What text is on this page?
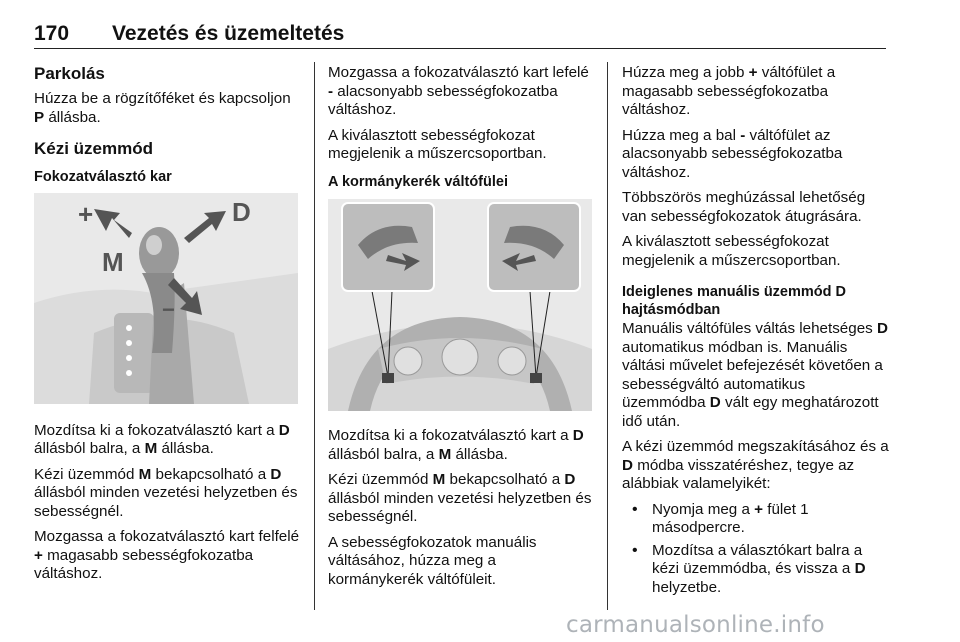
170 Vezetés és üzemeltetés
Parkolás

Húzza be a rögzítőféket és kapcsoljon P állásba.

Kézi üzemmód
Fokozatválasztó kar
+
−
M
D

Mozdítsa ki a fokozatválasztó kart a D állásból balra, a M állásba.

Kézi üzemmód M bekapcsolható a D állásból minden vezetési helyzetben és sebességnél.

Mozgassa a fokozatválasztó kart felfelé + magasabb sebességfokozatba váltáshoz.

Mozgassa a fokozatválasztó kart lefelé - alacsonyabb sebességfokozatba váltáshoz.

A kiválasztott sebességfokozat megjelenik a műszercsoportban.

A kormánykerék váltófülei

Mozdítsa ki a fokozatválasztó kart a D állásból balra, a M állásba.

Kézi üzemmód M bekapcsolható a D állásból minden vezetési helyzetben és sebességnél.

A sebességfokozatok manuális váltásához, húzza meg a kormánykerék váltófüleit.

Húzza meg a jobb + váltófület a magasabb sebességfokozatba váltáshoz.

Húzza meg a bal - váltófület az alacsonyabb sebességfokozatba váltáshoz.

Többszörös meghúzással lehetőség van sebességfokozatok átugrására.

A kiválasztott sebességfokozat megjelenik a műszercsoportban.

Ideiglenes manuális üzemmód D hajtásmódban

Manuális váltófüles váltás lehetséges D automatikus módban is. Manuális váltási művelet befejezését követően a sebességváltó automatikus üzemmódba D vált egy meghatározott idő után.

A kézi üzemmód megszakításához és a D módba visszatéréshez, tegye az alábbiak valamelyikét:

• Nyomja meg a + fület 1 másodpercre.
• Mozdítsa a választókart balra a kézi üzemmódba, és vissza a D helyzetbe.
carmanualsonline.info
